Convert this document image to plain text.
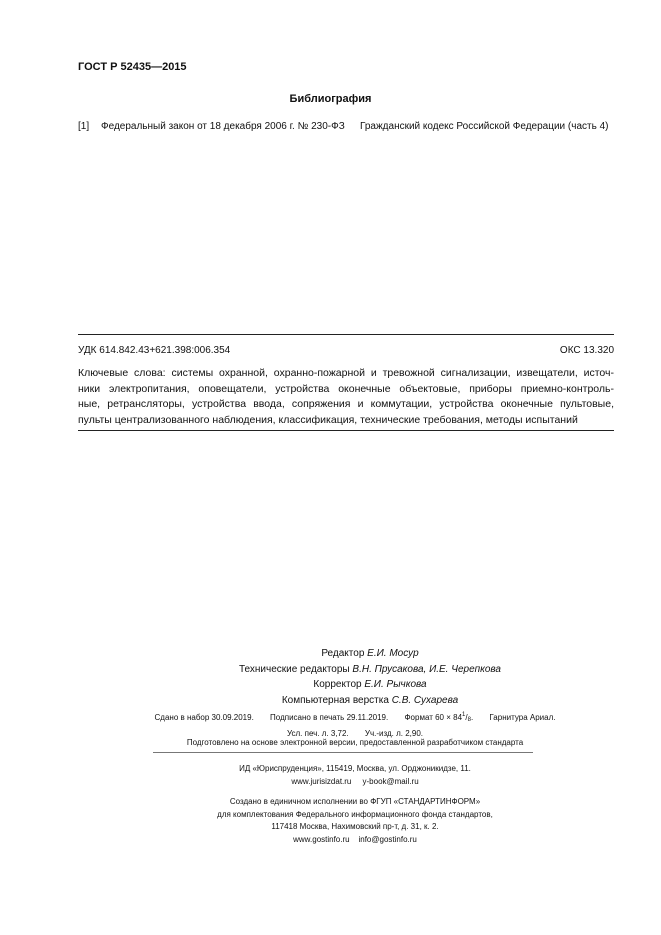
ГОСТ Р 52435—2015
Библиография
[1] Федеральный закон от 18 декабря 2006 г. № 230-ФЗ Гражданский кодекс Российской Федерации (часть 4)
УДК 614.842.43+621.398:006.354	ОКС 13.320
Ключевые слова: системы охранной, охранно-пожарной и тревожной сигнализации, извещатели, источ-
ники электропитания, оповещатели, устройства оконечные объектовые, приборы приемно-контроль-
ные, ретрансляторы, устройства ввода, сопряжения и коммутации, устройства оконечные пультовые,
пульты централизованного наблюдения, классификация, технические требования, методы испытаний
Редактор Е.И. Мосур
Технические редакторы В.Н. Прусакова, И.Е. Черепкова
Корректор Е.И. Рычкова
Компьютерная верстка С.В. Сухарева
Сдано в набор 30.09.2019. Подписано в печать 29.11.2019. Формат $60 \times 84^1/_8$. Гарнитура Ариал.
Усл. печ. л. 3,72. Уч.-изд. л. 2,90.
Подготовлено на основе электронной версии, предоставленной разработчиком стандарта
ИД «Юриспруденция», 115419, Москва, ул. Орджоникидзе, 11.
www.jurisizdat.ru y-book@mail.ru
Создано в единичном исполнении во ФГУП «СТАНДАРТИНФОРМ»
для комплектования Федерального информационного фонда стандартов,
117418 Москва, Нахимовский пр-т, д. 31, к. 2.
www.gostinfo.ru info@gostinfo.ru
